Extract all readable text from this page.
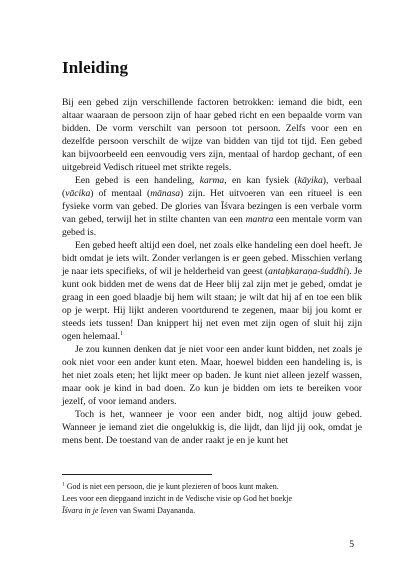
Inleiding

Bij een gebed zijn verschillende factoren betrokken: iemand die bidt, een altaar waaraan de persoon zijn of haar gebed richt en een bepaalde vorm van bidden. De vorm verschilt van persoon tot persoon. Zelfs voor een en dezelfde persoon verschilt de wijze van bidden van tijd tot tijd. Een gebed kan bijvoorbeeld een eenvoudig vers zijn, mentaal of hardop gechant, of een uitgebreid Vedisch ritueel met strikte regels.

Een gebed is een handeling, karma, en kan fysiek (kāyika), verbaal (vācika) of mentaal (mānasa) zijn. Het uitvoeren van een ritueel is een fysieke vorm van gebed. De glories van Īśvara bezingen is een verbale vorm van gebed, terwijl het in stilte chanten van een mantra een mentale vorm van gebed is.

Een gebed heeft altijd een doel, net zoals elke handeling een doel heeft. Je bidt omdat je iets wilt. Zonder verlangen is er geen gebed. Misschien verlang je naar iets specifieks, of wil je helderheid van geest (antaḥkaraṇa-śuddhi). Je kunt ook bidden met de wens dat de Heer blij zal zijn met je gebed, omdat je graag in een goed blaadje bij hem wilt staan; je wilt dat hij af en toe een blik op je werpt. Hij lijkt anderen voortdurend te zegenen, maar bij jou komt er steeds iets tussen! Dan knippert hij net even met zijn ogen of sluit hij zijn ogen helemaal.$^1$

Je zou kunnen denken dat je niet voor een ander kunt bidden, net zoals je ook niet voor een ander kunt eten. Maar, hoewel bidden een handeling is, is het niet zoals eten; het lijkt meer op baden. Je kunt niet alleen jezelf wassen, maar ook je kind in bad doen. Zo kun je bidden om iets te bereiken voor jezelf, of voor iemand anders.

Toch is het, wanneer je voor een ander bidt, nog altijd jouw gebed. Wanneer je iemand ziet die ongelukkig is, die lijdt, dan lijd jij ook, omdat je mens bent. De toestand van de ander raakt je en je kunt het

$^1$ God is niet een persoon, die je kunt plezieren of boos kunt maken.

Lees voor een diepgaand inzicht in de Vedische visie op God het boekje

Īśvara in je leven van Swami Dayananda.

5
